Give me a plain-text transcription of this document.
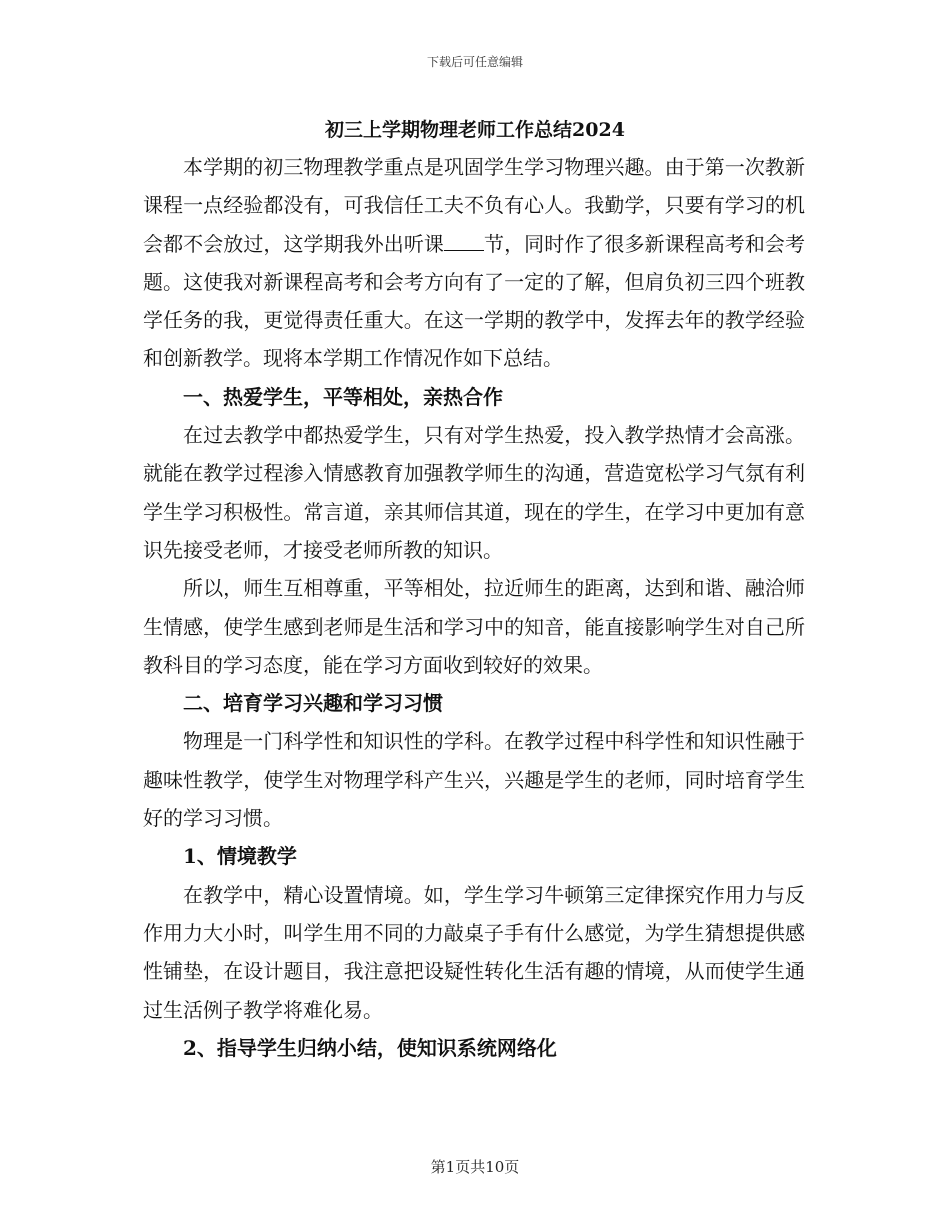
下载后可任意编辑
初三上学期物理老师工作总结2024

本学期的初三物理教学重点是巩固学生学习物理兴趣。由于第一次教新课程一点经验都没有，可我信任工夫不负有心人。我勤学，只要有学习的机会都不会放过，这学期我外出听课 节，同时作了很多新课程高考和会考题。这使我对新课程高考和会考方向有了一定的了解，但肩负初三四个班教学任务的我，更觉得责任重大。在这一学期的教学中，发挥去年的教学经验和创新教学。现将本学期工作情况作如下总结。

一、热爱学生，平等相处，亲热合作

在过去教学中都热爱学生，只有对学生热爱，投入教学热情才会高涨。就能在教学过程渗入情感教育加强教学师生的沟通，营造宽松学习气氛有利学生学习积极性。常言道，亲其师信其道，现在的学生，在学习中更加有意识先接受老师，才接受老师所教的知识。

所以，师生互相尊重，平等相处，拉近师生的距离，达到和谐、融洽师生情感，使学生感到老师是生活和学习中的知音，能直接影响学生对自己所教科目的学习态度，能在学习方面收到较好的效果。

二、培育学习兴趣和学习习惯

物理是一门科学性和知识性的学科。在教学过程中科学性和知识性融于趣味性教学，使学生对物理学科产生兴，兴趣是学生的老师，同时培育学生好的学习习惯。

1、情境教学

在教学中，精心设置情境。如，学生学习牛顿第三定律探究作用力与反作用力大小时，叫学生用不同的力敲桌子手有什么感觉，为学生猜想提供感性铺垫，在设计题目，我注意把设疑性转化生活有趣的情境，从而使学生通过生活例子教学将难化易。

2、指导学生归纳小结，使知识系统网络化
第1页共10页
